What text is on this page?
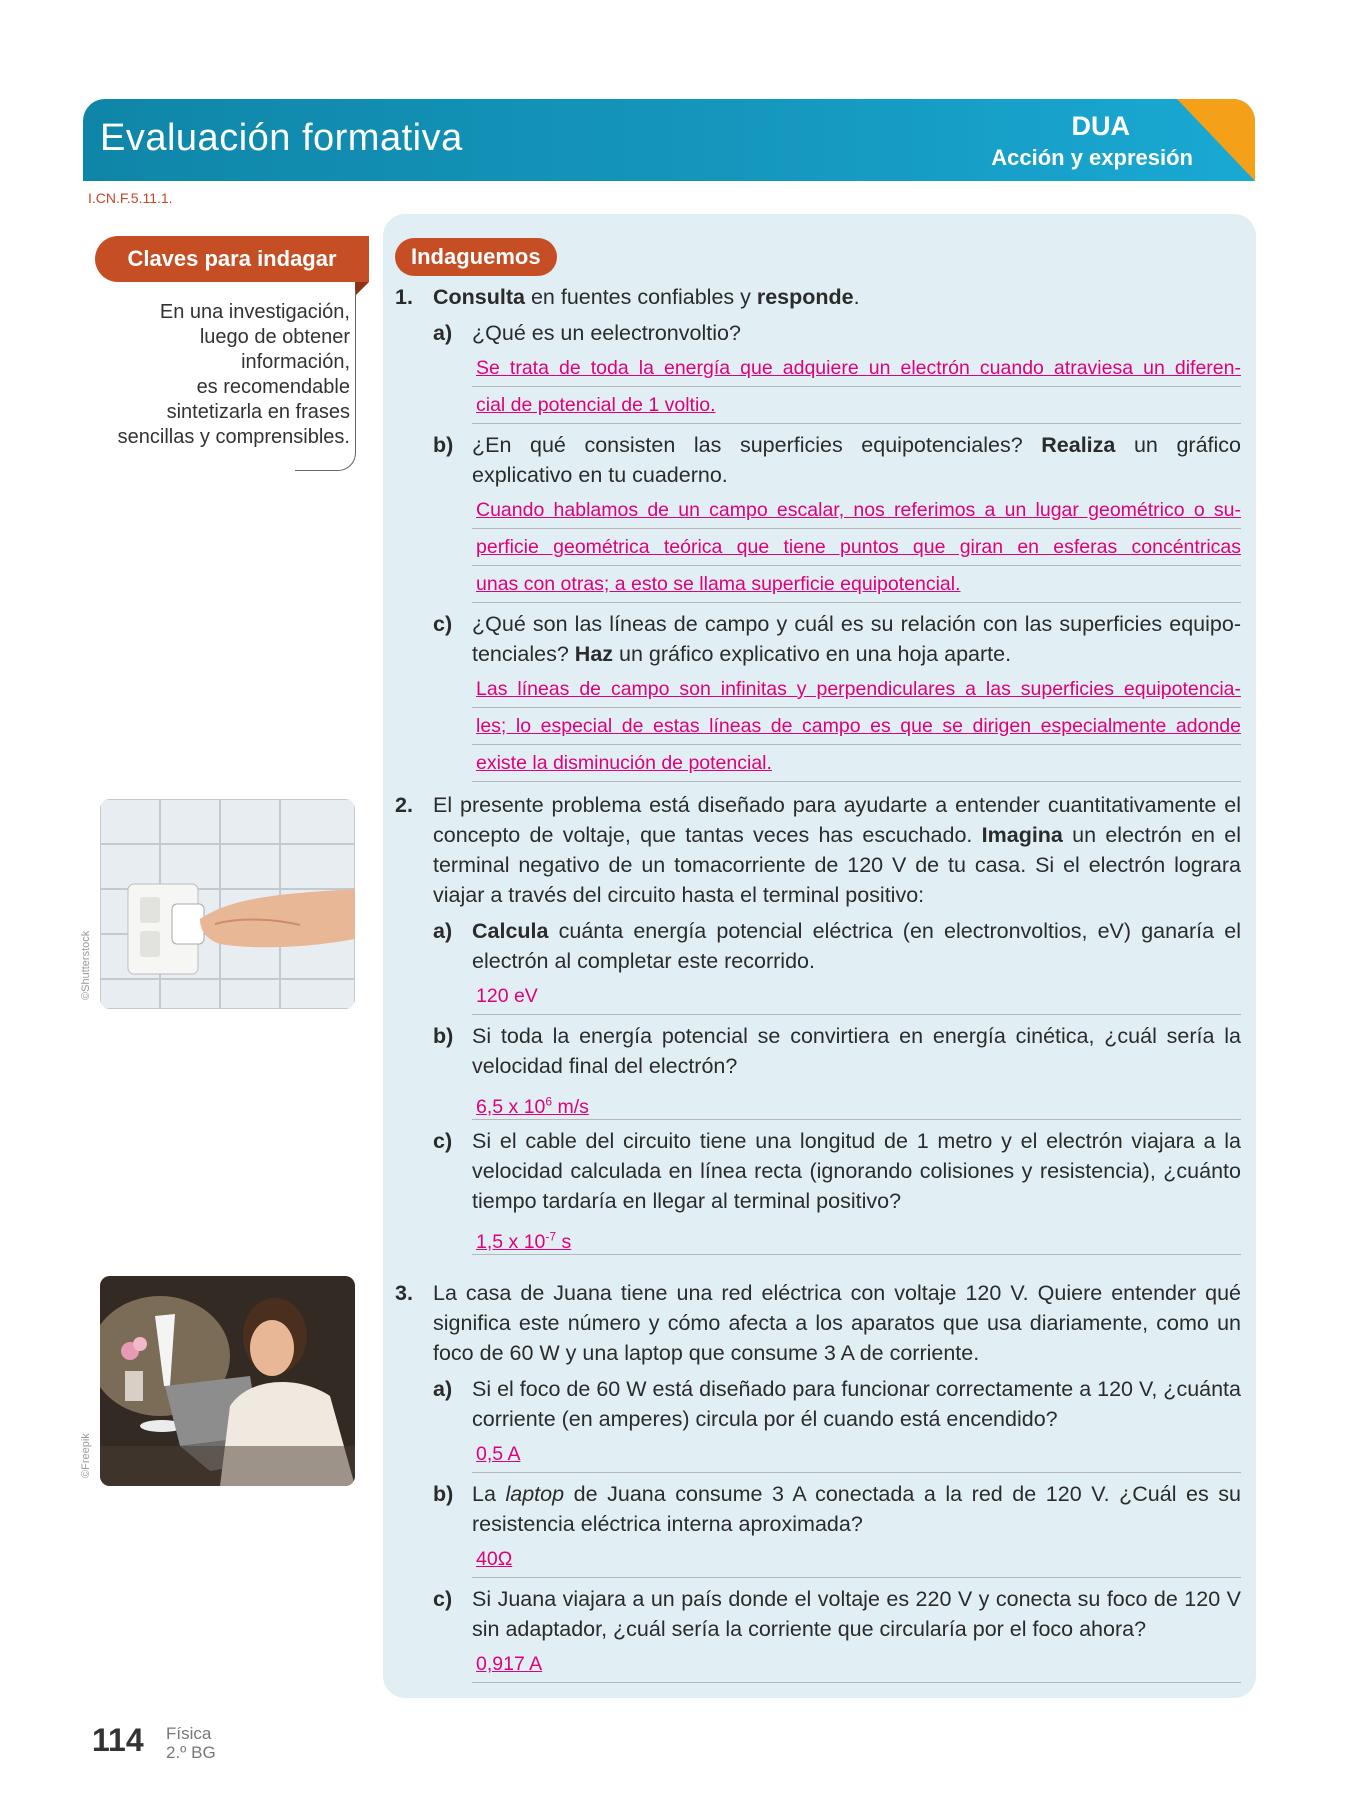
Evaluación formativa	DUA
Acción y expresión
I.CN.F.5.11.1.
Claves para indagar
En una investigación,
luego de obtener
información,
es recomendable
sintetizarla en frases
sencillas y comprensibles.
Indaguemos
1. Consulta en fuentes confiables y responde.
a) ¿Qué es un eelectronvoltio?
Se trata de toda la energía que adquiere un electrón cuando atraviesa un diferen-
cial de potencial de 1 voltio.
b) ¿En qué consisten las superficies equipotenciales? Realiza un gráfico explicativo en tu cuaderno.
Cuando hablamos de un campo escalar, nos referimos a un lugar geométrico o su-
perficie geométrica teórica que tiene puntos que giran en esferas concéntricas
unas con otras; a esto se llama superficie equipotencial.
c) ¿Qué son las líneas de campo y cuál es su relación con las superficies equipo-tenciales? Haz un gráfico explicativo en una hoja aparte.
Las líneas de campo son infinitas y perpendiculares a las superficies equipotencia-
les; lo especial de estas líneas de campo es que se dirigen especialmente adonde
existe la disminución de potencial.
2. El presente problema está diseñado para ayudarte a entender cuantitativamente el concepto de voltaje, que tantas veces has escuchado. Imagina un electrón en el terminal negativo de un tomacorriente de 120 V de tu casa. Si el electrón lograra viajar a través del circuito hasta el terminal positivo:
a) Calcula cuánta energía potencial eléctrica (en electronvoltios, eV) ganaría el electrón al completar este recorrido.
120 eV
b) Si toda la energía potencial se convirtiera en energía cinética, ¿cuál sería la velocidad final del electrón?
6,5 x $10^6$ m/s
c) Si el cable del circuito tiene una longitud de 1 metro y el electrón viajara a la velocidad calculada en línea recta (ignorando colisiones y resistencia), ¿cuánto tiempo tardaría en llegar al terminal positivo?
1,5 x $10^{-7}$ s
3. La casa de Juana tiene una red eléctrica con voltaje 120 V. Quiere entender qué significa este número y cómo afecta a los aparatos que usa diariamente, como un foco de 60 W y una laptop que consume 3 A de corriente.
a) Si el foco de 60 W está diseñado para funcionar correctamente a 120 V, ¿cuánta corriente (en amperes) circula por él cuando está encendido?
0,5 A
b) La laptop de Juana consume 3 A conectada a la red de 120 V. ¿Cuál es su resistencia eléctrica interna aproximada?
40Ω
c) Si Juana viajara a un país donde el voltaje es 220 V y conecta su foco de 120 V sin adaptador, ¿cuál sería la corriente que circularía por el foco ahora?
0,917 A
©Shutterstock
©Freepik
114 Física
2.º BG
